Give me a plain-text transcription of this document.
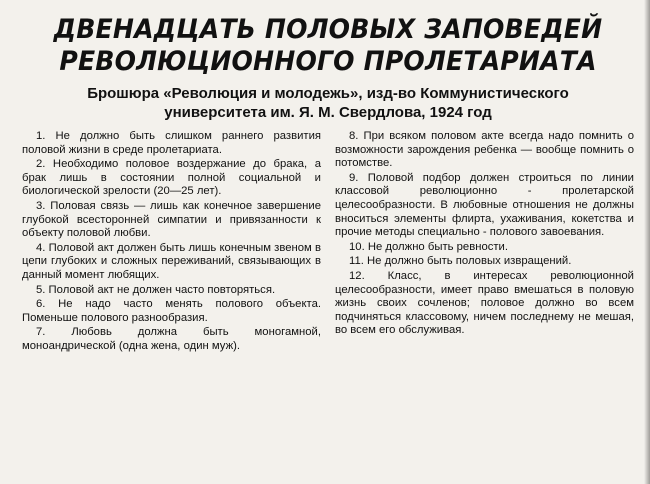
ДВЕНАДЦАТЬ ПОЛОВЫХ ЗАПОВЕДЕЙ
РЕВОЛЮЦИОННОГО ПРОЛЕТАРИАТА
Брошюра «Революция и молодежь», изд-во Коммунистического
университета им. Я. М. Свердлова, 1924 год

1. Не должно быть слишком раннего развития половой жизни в среде пролетариата.

2. Необходимо половое воздержание до брака, а брак лишь в состоянии полной социальной и биологической зрелости (20—25 лет).

3. Половая связь — лишь как конечное завершение глубокой всесторонней симпатии и привязанности к объекту половой любви.

4. Половой акт должен быть лишь конечным звеном в цепи глубоких и сложных переживаний, связывающих в данный момент любящих.

5. Половой акт не должен часто повторяться.

6. Не надо часто менять полового объекта. Поменьше полового разнообразия.

7. Любовь должна быть моногамной, моноандрической (одна жена, один муж).

8. При всяком половом акте всегда надо помнить о возможности зарождения ребенка — вообще помнить о потомстве.

9. Половой подбор должен строиться по линии классовой революционно - пролетарской целесообразности. В любовные отношения не должны вноситься элементы флирта, ухаживания, кокетства и прочие методы специально - полового завоевания.

10. Не должно быть ревности.

11. Не должно быть половых извращений.

12. Класс, в интересах революционной целесообразности, имеет право вмешаться в половую жизнь своих сочленов; половое должно во всем подчиняться классовому, ничем последнему не мешая, во всем его обслуживая.
